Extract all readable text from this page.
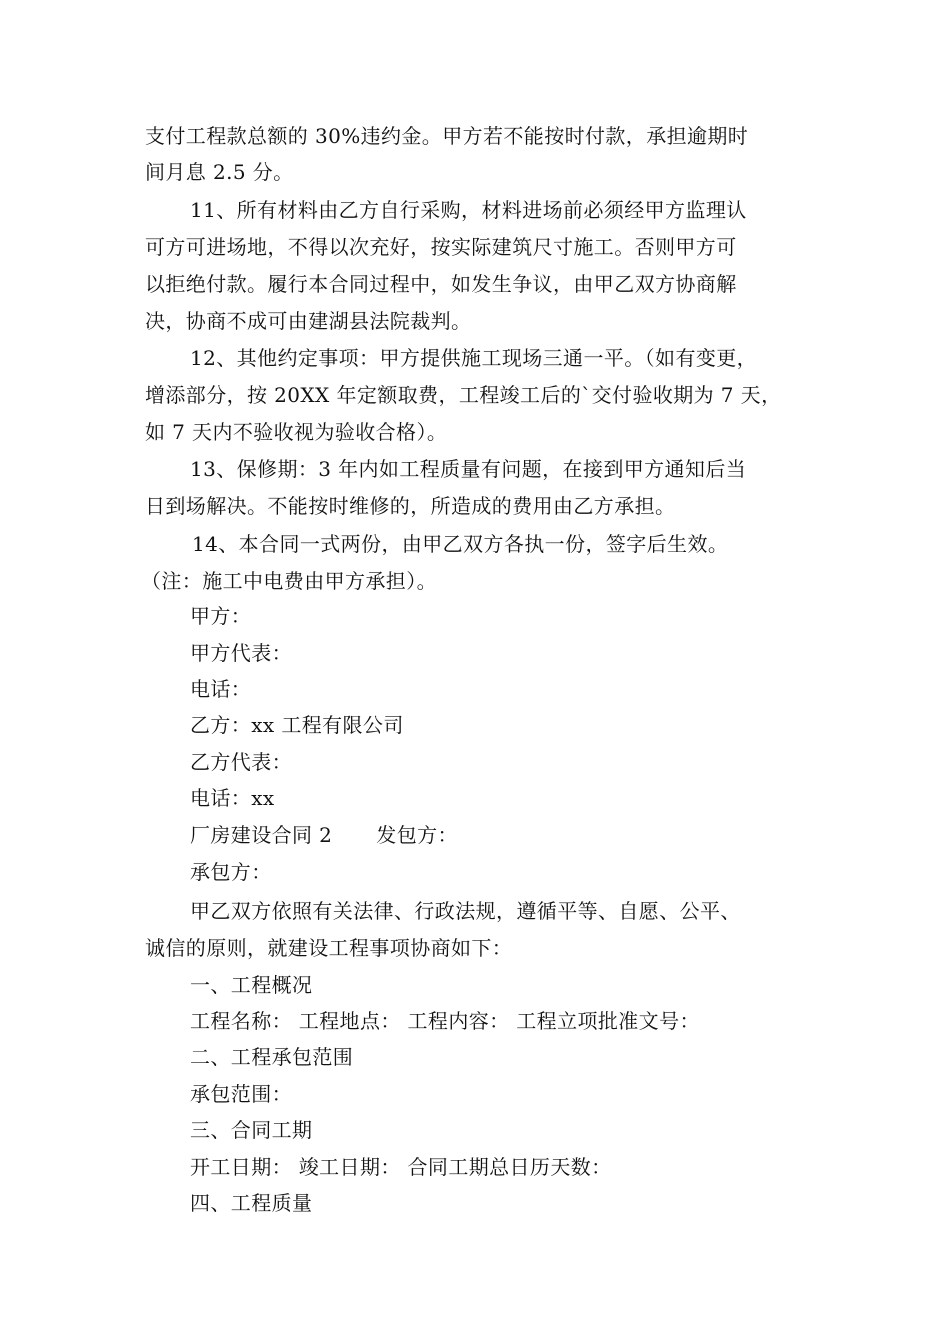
支付工程款总额的 30%违约金。甲方若不能按时付款，承担逾期时
间月息 2.5 分。
11、所有材料由乙方自行采购，材料进场前必须经甲方监理认
可方可进场地，不得以次充好，按实际建筑尺寸施工。否则甲方可
以拒绝付款。履行本合同过程中，如发生争议，由甲乙双方协商解
决，协商不成可由建湖县法院裁判。
12、其他约定事项：甲方提供施工现场三通一平。（如有变更，
增添部分，按 20XX 年定额取费，工程竣工后的`交付验收期为 7 天，
如 7 天内不验收视为验收合格）。
13、保修期：3 年内如工程质量有问题，在接到甲方通知后当
日到场解决。不能按时维修的，所造成的费用由乙方承担。
14、本合同一式两份，由甲乙双方各执一份，签字后生效。
（注：施工中电费由甲方承担）。
甲方：
甲方代表：
电话：
乙方：xx 工程有限公司
乙方代表：
电话：xx
厂房建设合同 2 发包方：
承包方：
甲乙双方依照有关法律、行政法规，遵循平等、自愿、公平、
诚信的原则，就建设工程事项协商如下：
一、工程概况
工程名称： 工程地点： 工程内容： 工程立项批准文号：
二、工程承包范围
承包范围：
三、合同工期
开工日期： 竣工日期： 合同工期总日历天数：
四、工程质量
